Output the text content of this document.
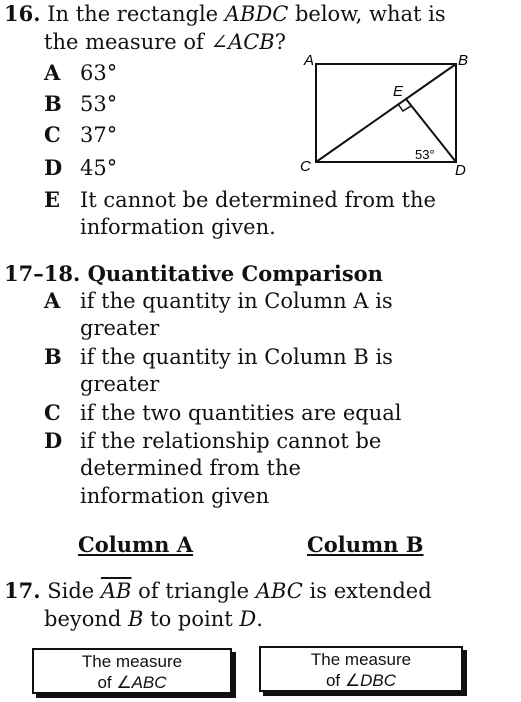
16. In the rectangle ABDC below, what is
the measure of ∠ACB?
A 63°
B 53°
C 37°
D 45°
E It cannot be determined from the
information given.
A	B
C	D
E
53°
17–18. Quantitative Comparison
A if the quantity in Column A is
greater
B if the quantity in Column B is
greater
C if the two quantities are equal
D if the relationship cannot be
determined from the
information given
Column A	Column B
17. Side $\overline{AB}$ of triangle ABC is extended
beyond B to point D.
The measure
of ∠ABC
The measure
of ∠DBC
